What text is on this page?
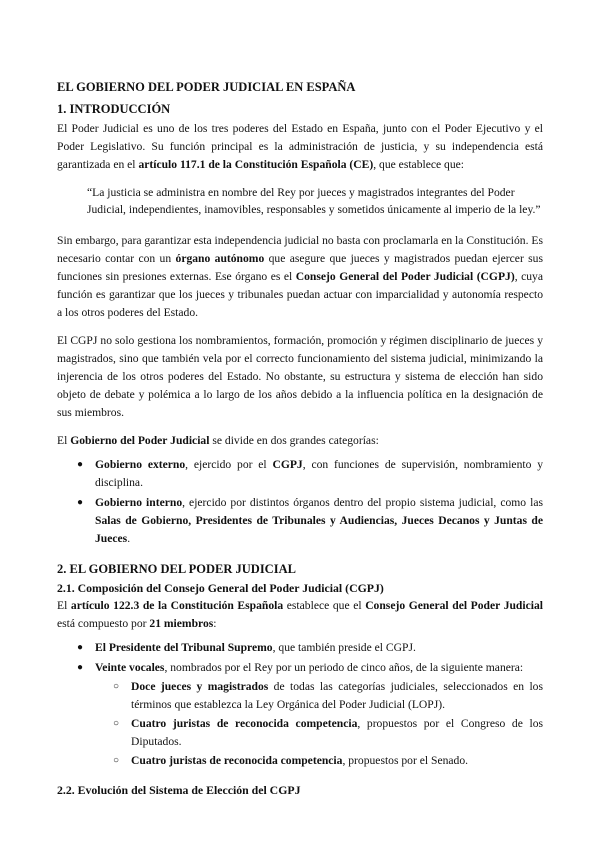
EL GOBIERNO DEL PODER JUDICIAL EN ESPAÑA
1. INTRODUCCIÓN

El Poder Judicial es uno de los tres poderes del Estado en España, junto con el Poder Ejecutivo y el Poder Legislativo. Su función principal es la administración de justicia, y su independencia está garantizada en el artículo 117.1 de la Constitución Española (CE), que establece que:

“La justicia se administra en nombre del Rey por jueces y magistrados integrantes del Poder Judicial, independientes, inamovibles, responsables y sometidos únicamente al imperio de la ley.”

Sin embargo, para garantizar esta independencia judicial no basta con proclamarla en la Constitución. Es necesario contar con un órgano autónomo que asegure que jueces y magistrados puedan ejercer sus funciones sin presiones externas. Ese órgano es el Consejo General del Poder Judicial (CGPJ), cuya función es garantizar que los jueces y tribunales puedan actuar con imparcialidad y autonomía respecto a los otros poderes del Estado.

El CGPJ no solo gestiona los nombramientos, formación, promoción y régimen disciplinario de jueces y magistrados, sino que también vela por el correcto funcionamiento del sistema judicial, minimizando la injerencia de los otros poderes del Estado. No obstante, su estructura y sistema de elección han sido objeto de debate y polémica a lo largo de los años debido a la influencia política en la designación de sus miembros.

El Gobierno del Poder Judicial se divide en dos grandes categorías:

● Gobierno externo, ejercido por el CGPJ, con funciones de supervisión, nombramiento y disciplina.
● Gobierno interno, ejercido por distintos órganos dentro del propio sistema judicial, como las Salas de Gobierno, Presidentes de Tribunales y Audiencias, Jueces Decanos y Juntas de Jueces.
2. EL GOBIERNO DEL PODER JUDICIAL
2.1. Composición del Consejo General del Poder Judicial (CGPJ)

El artículo 122.3 de la Constitución Española establece que el Consejo General del Poder Judicial está compuesto por 21 miembros:

● El Presidente del Tribunal Supremo, que también preside el CGPJ.
● Veinte vocales, nombrados por el Rey por un periodo de cinco años, de la siguiente manera:
○ Doce jueces y magistrados de todas las categorías judiciales, seleccionados en los términos que establezca la Ley Orgánica del Poder Judicial (LOPJ).
○ Cuatro juristas de reconocida competencia, propuestos por el Congreso de los Diputados.
○ Cuatro juristas de reconocida competencia, propuestos por el Senado.
2.2. Evolución del Sistema de Elección del CGPJ
